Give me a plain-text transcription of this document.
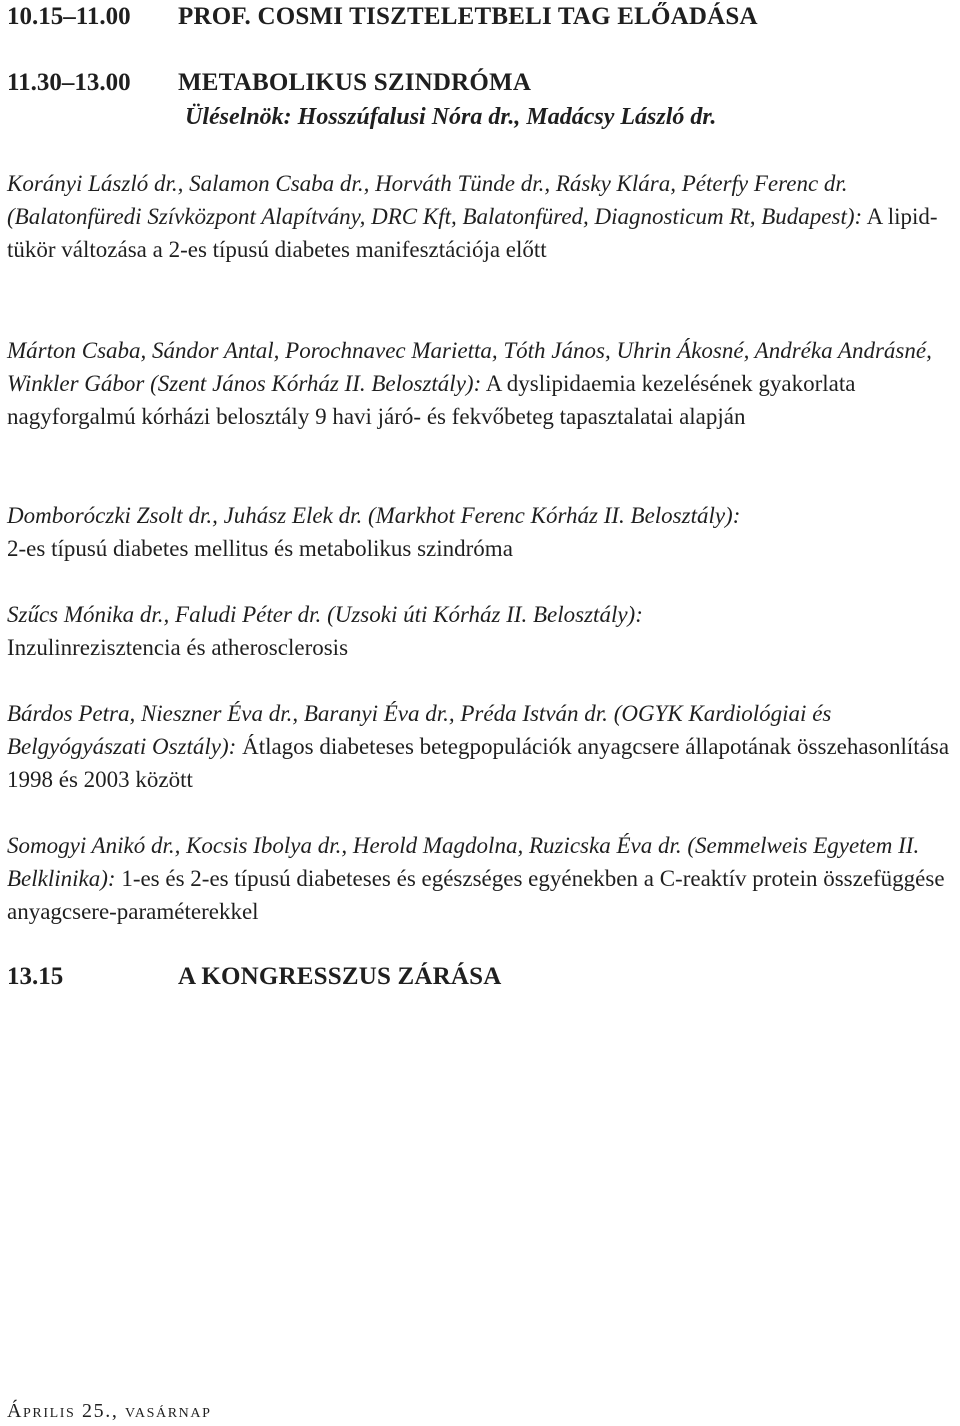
10.15–11.00 PROF. COSMI TISZTELETBELI TAG ELŐADÁSA
11.30–13.00 METABOLIKUS SZINDRÓMA
Üléselnök: Hosszúfalusi Nóra dr., Madácsy László dr.

Korányi László dr., Salamon Csaba dr., Horváth Tünde dr., Rásky Klára, Péterfy Ferenc dr. (Balatonfüredi Szívközpont Alapítvány, DRC Kft, Balatonfüred, Diagnosticum Rt, Budapest): A lipid-tükör változása a 2-es típusú diabetes manifesztációja előtt

Márton Csaba, Sándor Antal, Porochnavec Marietta, Tóth János, Uhrin Ákosné, Andréka Andrásné, Winkler Gábor (Szent János Kórház II. Belosztály): A dyslipidaemia kezelésének gyakorlata nagyforgalmú kórházi belosztály 9 havi járó- és fekvőbeteg tapasztalatai alapján

Domboróczki Zsolt dr., Juhász Elek dr. (Markhot Ferenc Kórház II. Belosztály):
2-es típusú diabetes mellitus és metabolikus szindróma

Szűcs Mónika dr., Faludi Péter dr. (Uzsoki úti Kórház II. Belosztály):
Inzulinrezisztencia és atherosclerosis

Bárdos Petra, Nieszner Éva dr., Baranyi Éva dr., Préda István dr. (OGYK Kardiológiai és Belgyógyászati Osztály): Átlagos diabeteses betegpopulációk anyagcsere állapotának összehasonlítása 1998 és 2003 között

Somogyi Anikó dr., Kocsis Ibolya dr., Herold Magdolna, Ruzicska Éva dr. (Semmelweis Egyetem II. Belklinika): 1-es és 2-es típusú diabeteses és egészséges egyénekben a C-reaktív protein összefüggése anyagcsere-paraméterekkel

13.15	A KONGRESSZUS ZÁRÁSA
Április 25., vasárnap
